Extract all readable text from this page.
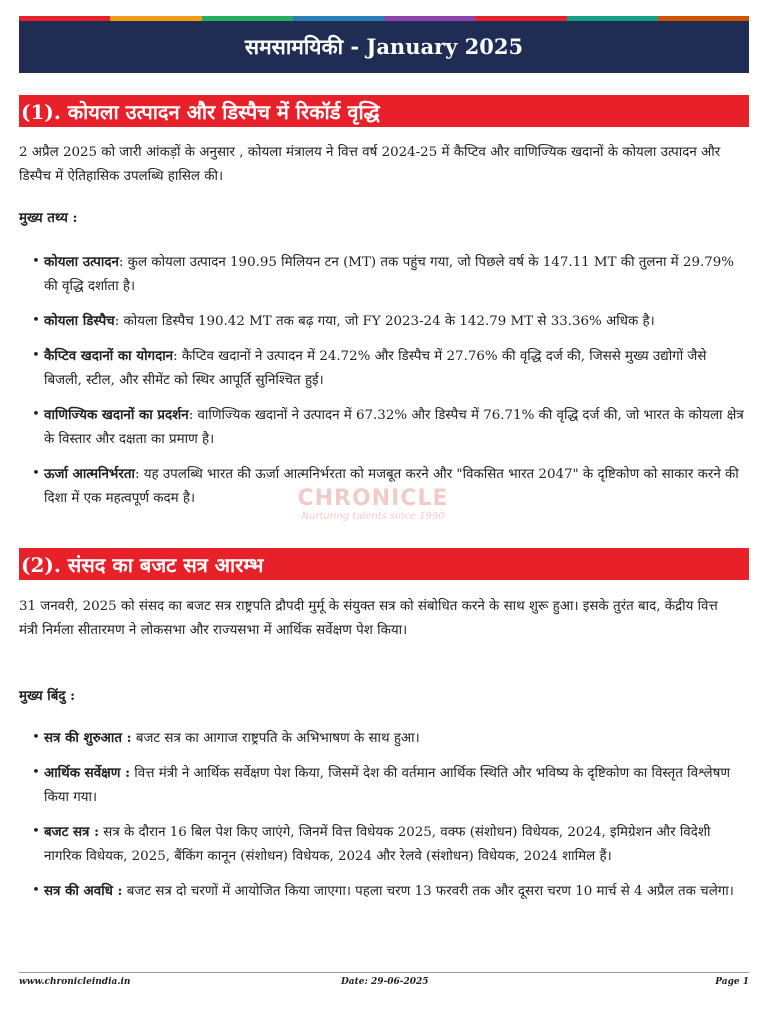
समसामयिकी - January 2025
(1). कोयला उत्पादन और डिस्पैच में रिकॉर्ड वृद्धि
2 अप्रैल 2025 को जारी आंकड़ों के अनुसार , कोयला मंत्रालय ने वित्त वर्ष 2024-25 में कैप्टिव और वाणिज्यिक खदानों के कोयला उत्पादन और डिस्पैच में ऐतिहासिक उपलब्धि हासिल की।
मुख्य तथ्य :
• कोयला उत्पादन: कुल कोयला उत्पादन 190.95 मिलियन टन (MT) तक पहुंच गया, जो पिछले वर्ष के 147.11 MT की तुलना में 29.79% की वृद्धि दर्शाता है।
• कोयला डिस्पैच: कोयला डिस्पैच 190.42 MT तक बढ़ गया, जो FY 2023-24 के 142.79 MT से 33.36% अधिक है।
• कैप्टिव खदानों का योगदान: कैप्टिव खदानों ने उत्पादन में 24.72% और डिस्पैच में 27.76% की वृद्धि दर्ज की, जिससे मुख्य उद्योगों जैसे बिजली, स्टील, और सीमेंट को स्थिर आपूर्ति सुनिश्चित हुई।
• वाणिज्यिक खदानों का प्रदर्शन: वाणिज्यिक खदानों ने उत्पादन में 67.32% और डिस्पैच में 76.71% की वृद्धि दर्ज की, जो भारत के कोयला क्षेत्र के विस्तार और दक्षता का प्रमाण है।
• ऊर्जा आत्मनिर्भरता: यह उपलब्धि भारत की ऊर्जा आत्मनिर्भरता को मजबूत करने और "विकसित भारत 2047" के दृष्टिकोण को साकार करने की दिशा में एक महत्वपूर्ण कदम है।	CHRONICLE
Nurturing talents since 1990
(2). संसद का बजट सत्र आरम्भ
31 जनवरी, 2025 को संसद का बजट सत्र राष्ट्रपति द्रौपदी मुर्मू के संयुक्त सत्र को संबोधित करने के साथ शुरू हुआ। इसके तुरंत बाद, केंद्रीय वित्त मंत्री निर्मला सीतारमण ने लोकसभा और राज्यसभा में आर्थिक सर्वेक्षण पेश किया।
मुख्य बिंदु :
• सत्र की शुरुआत : बजट सत्र का आगाज राष्ट्रपति के अभिभाषण के साथ हुआ।
• आर्थिक सर्वेक्षण : वित्त मंत्री ने आर्थिक सर्वेक्षण पेश किया, जिसमें देश की वर्तमान आर्थिक स्थिति और भविष्य के दृष्टिकोण का विस्तृत विश्लेषण किया गया।
• बजट सत्र : सत्र के दौरान 16 बिल पेश किए जाएंगे, जिनमें वित्त विधेयक 2025, वक्फ (संशोधन) विधेयक, 2024, इमिग्रेशन और विदेशी नागरिक विधेयक, 2025, बैंकिंग कानून (संशोधन) विधेयक, 2024 और रेलवे (संशोधन) विधेयक, 2024 शामिल हैं।
• सत्र की अवधि : बजट सत्र दो चरणों में आयोजित किया जाएगा। पहला चरण 13 फरवरी तक और दूसरा चरण 10 मार्च से 4 अप्रैल तक चलेगा।
www.chronicleindia.in	Date: 29-06-2025	Page 1
